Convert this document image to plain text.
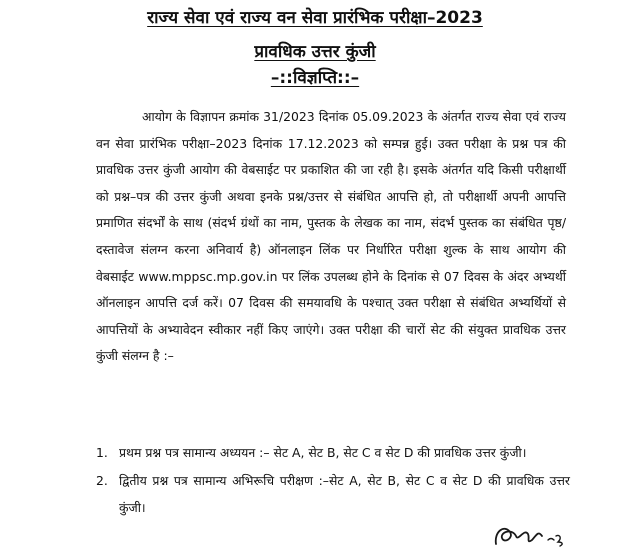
राज्य सेवा एवं राज्य वन सेवा प्रारंभिक परीक्षा–2023
प्रावधिक उत्तर कुंजी
–::विज्ञप्ति::–

आयोग के विज्ञापन क्रमांक 31/2023 दिनांक 05.09.2023 के अंतर्गत राज्य सेवा एवं राज्य वन सेवा प्रारंभिक परीक्षा–2023 दिनांक 17.12.2023 को सम्पन्न हुई। उक्त परीक्षा के प्रश्न पत्र की प्रावधिक उत्तर कुंजी आयोग की वेबसाईट पर प्रकाशित की जा रही है। इसके अंतर्गत यदि किसी परीक्षार्थी को प्रश्न–पत्र की उत्तर कुंजी अथवा इनके प्रश्न/उत्तर से संबंधित आपत्ति हो, तो परीक्षार्थी अपनी आपत्ति प्रमाणित संदर्भों के साथ (संदर्भ ग्रंथों का नाम, पुस्तक के लेखक का नाम, संदर्भ पुस्तक का संबंधित पृष्ठ/दस्तावेज संलग्न करना अनिवार्य है) ऑनलाइन लिंक पर निर्धारित परीक्षा शुल्क के साथ आयोग की वेबसाईट www.mppsc.mp.gov.in पर लिंक उपलब्ध होने के दिनांक से 07 दिवस के अंदर अभ्यर्थी ऑनलाइन आपत्ति दर्ज करें। 07 दिवस की समयावधि के पश्चात् उक्त परीक्षा से संबंधित अभ्यर्थियों से आपत्तियों के अभ्यावेदन स्वीकार नहीं किए जाएंगे। उक्त परीक्षा की चारों सेट की संयुक्त प्रावधिक उत्तर कुंजी संलग्न है :–

1. प्रथम प्रश्न पत्र सामान्य अध्ययन :– सेट A, सेट B, सेट C व सेट D की प्रावधिक उत्तर कुंजी।
2. द्वितीय प्रश्न पत्र सामान्य अभिरूचि परीक्षण :–सेट A, सेट B, सेट C व सेट D की प्रावधिक उत्तर कुंजी।
